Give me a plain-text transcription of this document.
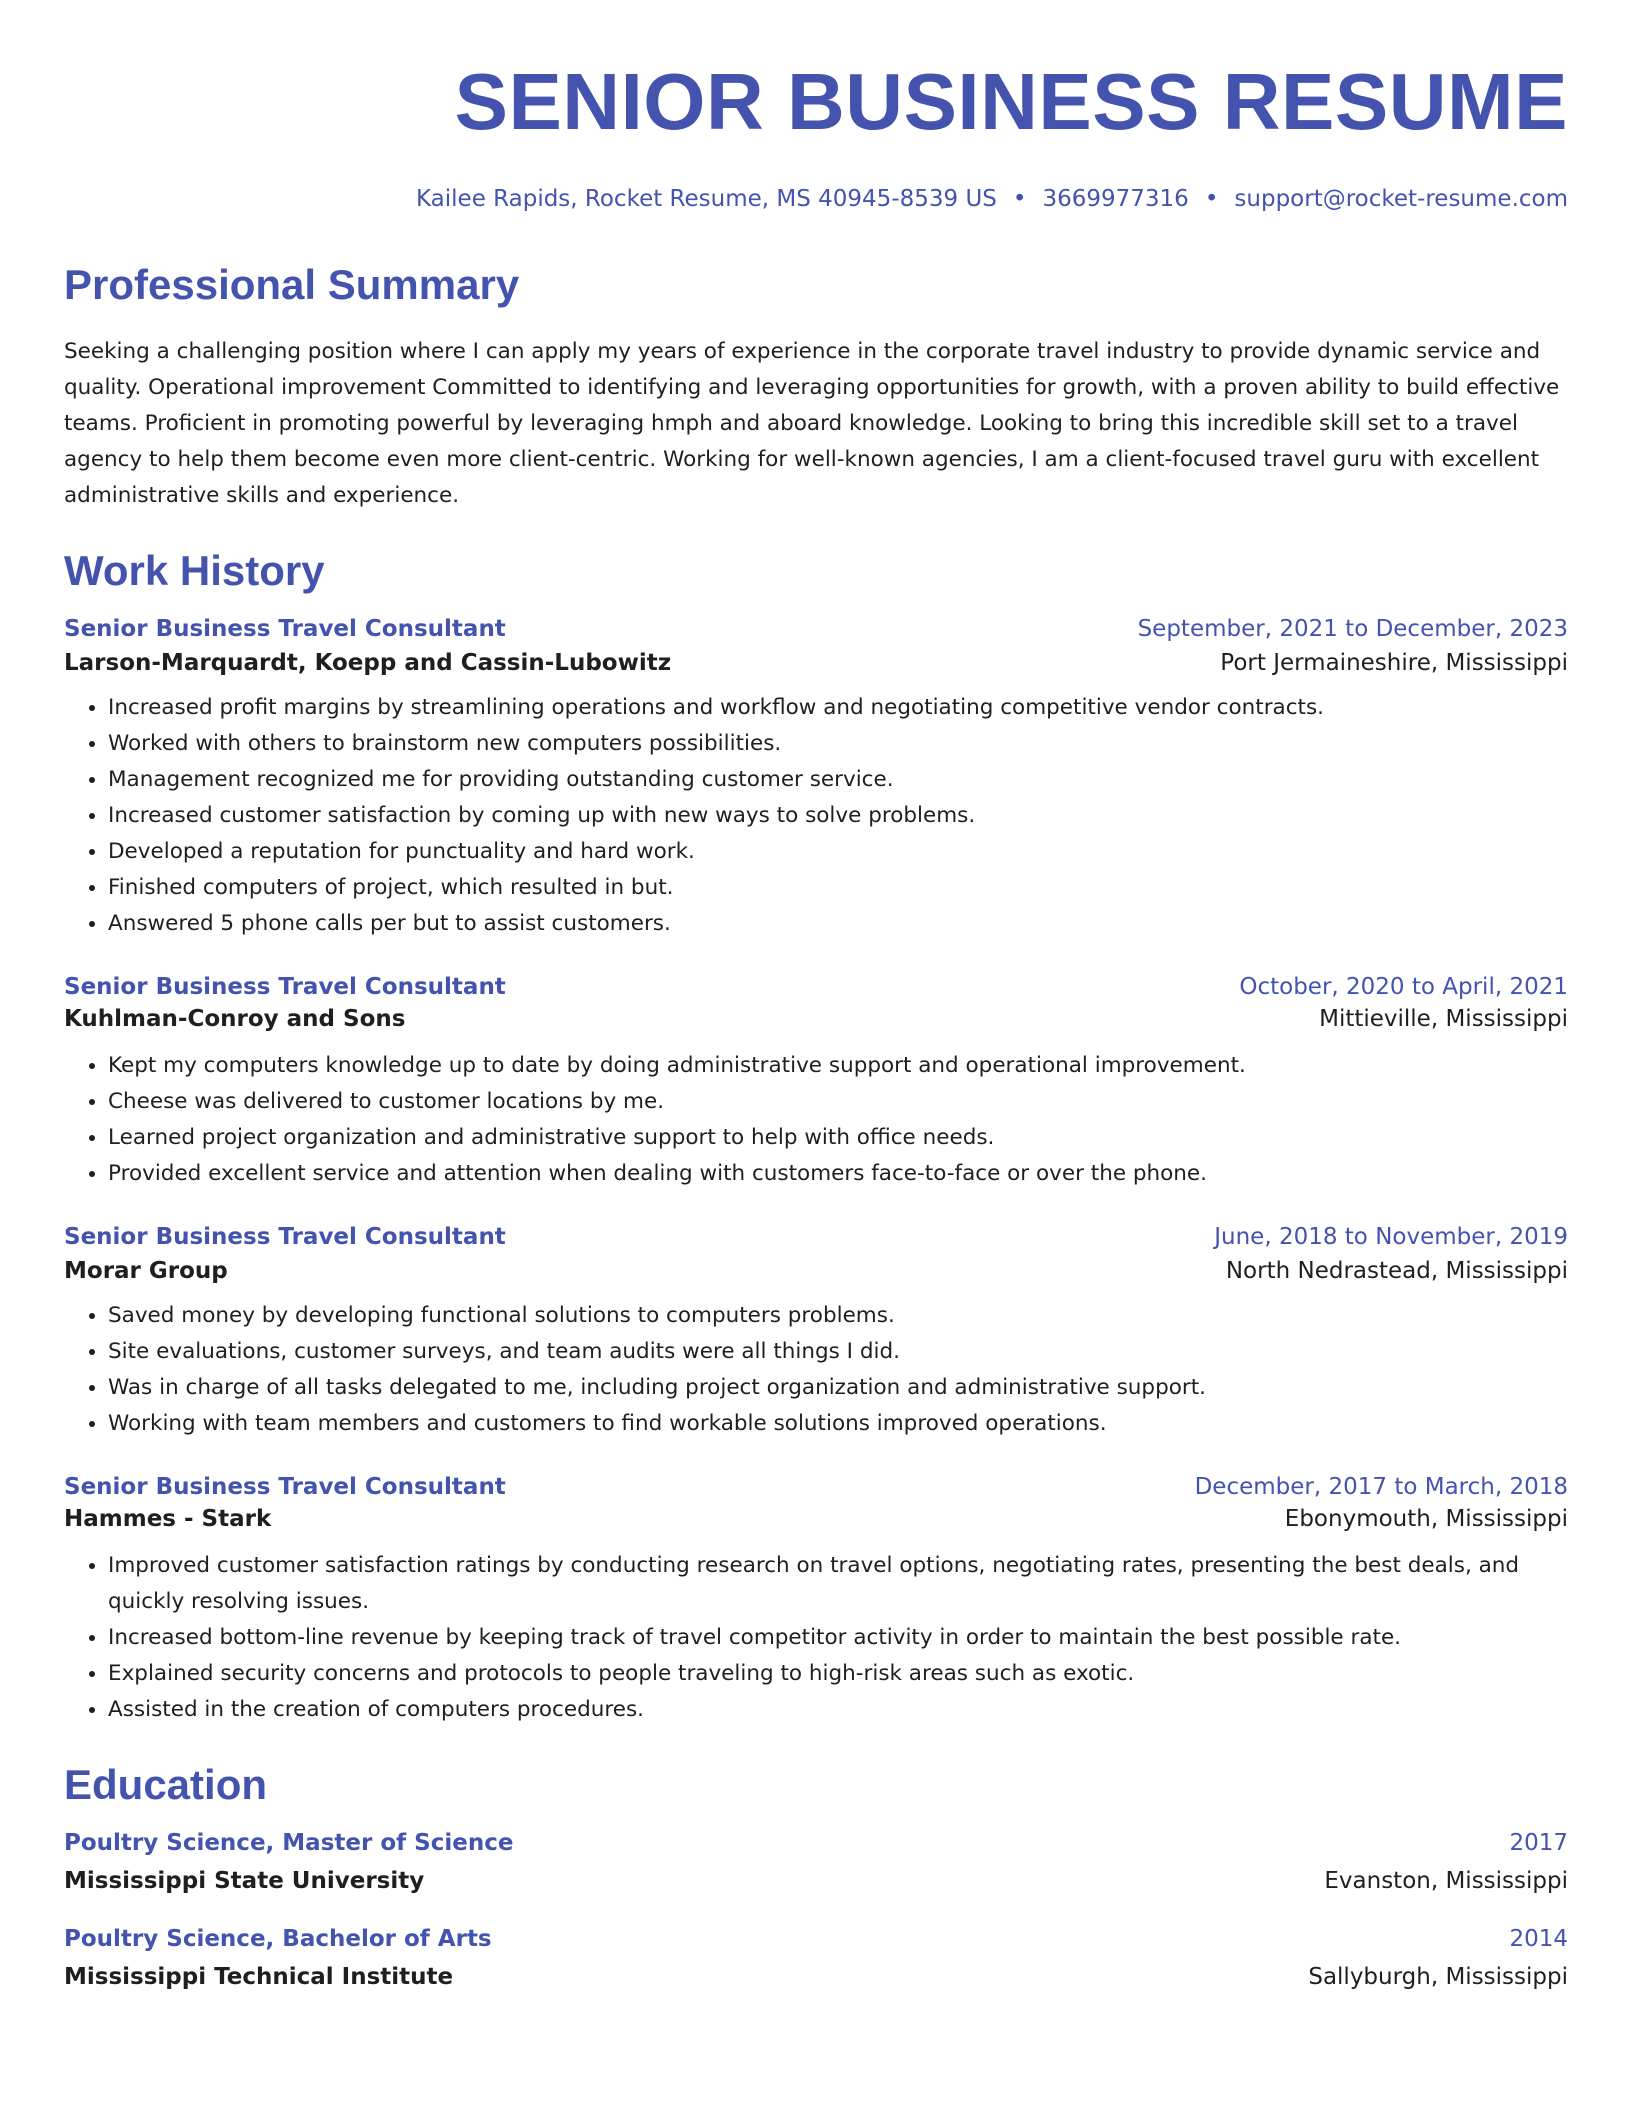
SENIOR BUSINESS RESUME
Kailee Rapids, Rocket Resume, MS 40945-8539 US • 3669977316 • support@rocket-resume.com
Professional Summary

Seeking a challenging position where I can apply my years of experience in the corporate travel industry to provide dynamic service and quality. Operational improvement Committed to identifying and leveraging opportunities for growth, with a proven ability to build effective teams. Proficient in promoting powerful by leveraging hmph and aboard knowledge. Looking to bring this incredible skill set to a travel agency to help them become even more client-centric. Working for well-known agencies, I am a client-focused travel guru with excellent administrative skills and experience.

Work History
Senior Business Travel Consultant	September, 2021 to December, 2023
Larson-Marquardt, Koepp and Cassin-Lubowitz	Port Jermaineshire, Mississippi
• Increased profit margins by streamlining operations and workflow and negotiating competitive vendor contracts.
• Worked with others to brainstorm new computers possibilities.
• Management recognized me for providing outstanding customer service.
• Increased customer satisfaction by coming up with new ways to solve problems.
• Developed a reputation for punctuality and hard work.
• Finished computers of project, which resulted in but.
• Answered 5 phone calls per but to assist customers.
Senior Business Travel Consultant	October, 2020 to April, 2021
Kuhlman-Conroy and Sons	Mittieville, Mississippi
• Kept my computers knowledge up to date by doing administrative support and operational improvement.
• Cheese was delivered to customer locations by me.
• Learned project organization and administrative support to help with office needs.
• Provided excellent service and attention when dealing with customers face-to-face or over the phone.
Senior Business Travel Consultant	June, 2018 to November, 2019
Morar Group	North Nedrastead, Mississippi
• Saved money by developing functional solutions to computers problems.
• Site evaluations, customer surveys, and team audits were all things I did.
• Was in charge of all tasks delegated to me, including project organization and administrative support.
• Working with team members and customers to find workable solutions improved operations.
Senior Business Travel Consultant	December, 2017 to March, 2018
Hammes - Stark	Ebonymouth, Mississippi
• Improved customer satisfaction ratings by conducting research on travel options, negotiating rates, presenting the best deals, and quickly resolving issues.
• Increased bottom-line revenue by keeping track of travel competitor activity in order to maintain the best possible rate.
• Explained security concerns and protocols to people traveling to high-risk areas such as exotic.
• Assisted in the creation of computers procedures.
Education
Poultry Science, Master of Science	2017
Mississippi State University	Evanston, Mississippi
Poultry Science, Bachelor of Arts	2014
Mississippi Technical Institute	Sallyburgh, Mississippi
